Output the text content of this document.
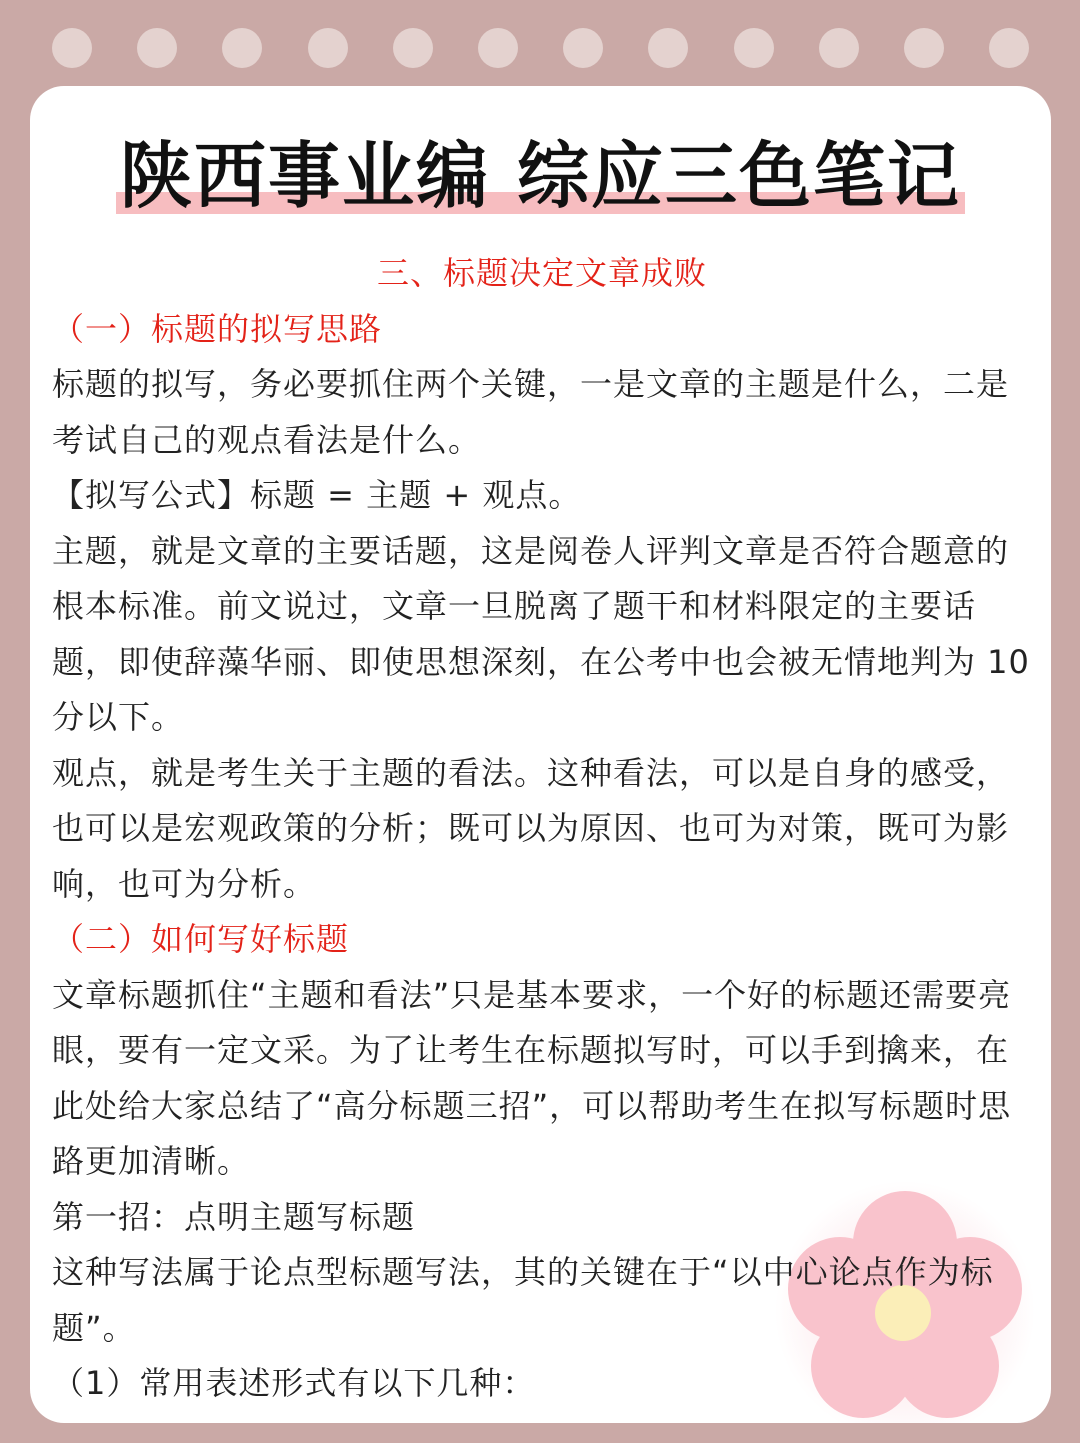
陕西事业编 综应三色笔记
三、标题决定文章成败
（一）标题的拟写思路
标题的拟写，务必要抓住两个关键，一是文章的主题是什么，二是考试自己的观点看法是什么。
【拟写公式】标题 = 主题 + 观点。
主题，就是文章的主要话题，这是阅卷人评判文章是否符合题意的根本标准。前文说过，文章一旦脱离了题干和材料限定的主要话题，即使辞藻华丽、即使思想深刻，在公考中也会被无情地判为 10 分以下。
观点，就是考生关于主题的看法。这种看法，可以是自身的感受，也可以是宏观政策的分析；既可以为原因、也可为对策，既可为影响，也可为分析。
（二）如何写好标题
文章标题抓住“主题和看法”只是基本要求，一个好的标题还需要亮眼，要有一定文采。为了让考生在标题拟写时，可以手到擒来，在此处给大家总结了“高分标题三招”，可以帮助考生在拟写标题时思路更加清晰。
第一招：点明主题写标题
这种写法属于论点型标题写法，其的关键在于“以中心论点作为标题”。
（1）常用表述形式有以下几种：
